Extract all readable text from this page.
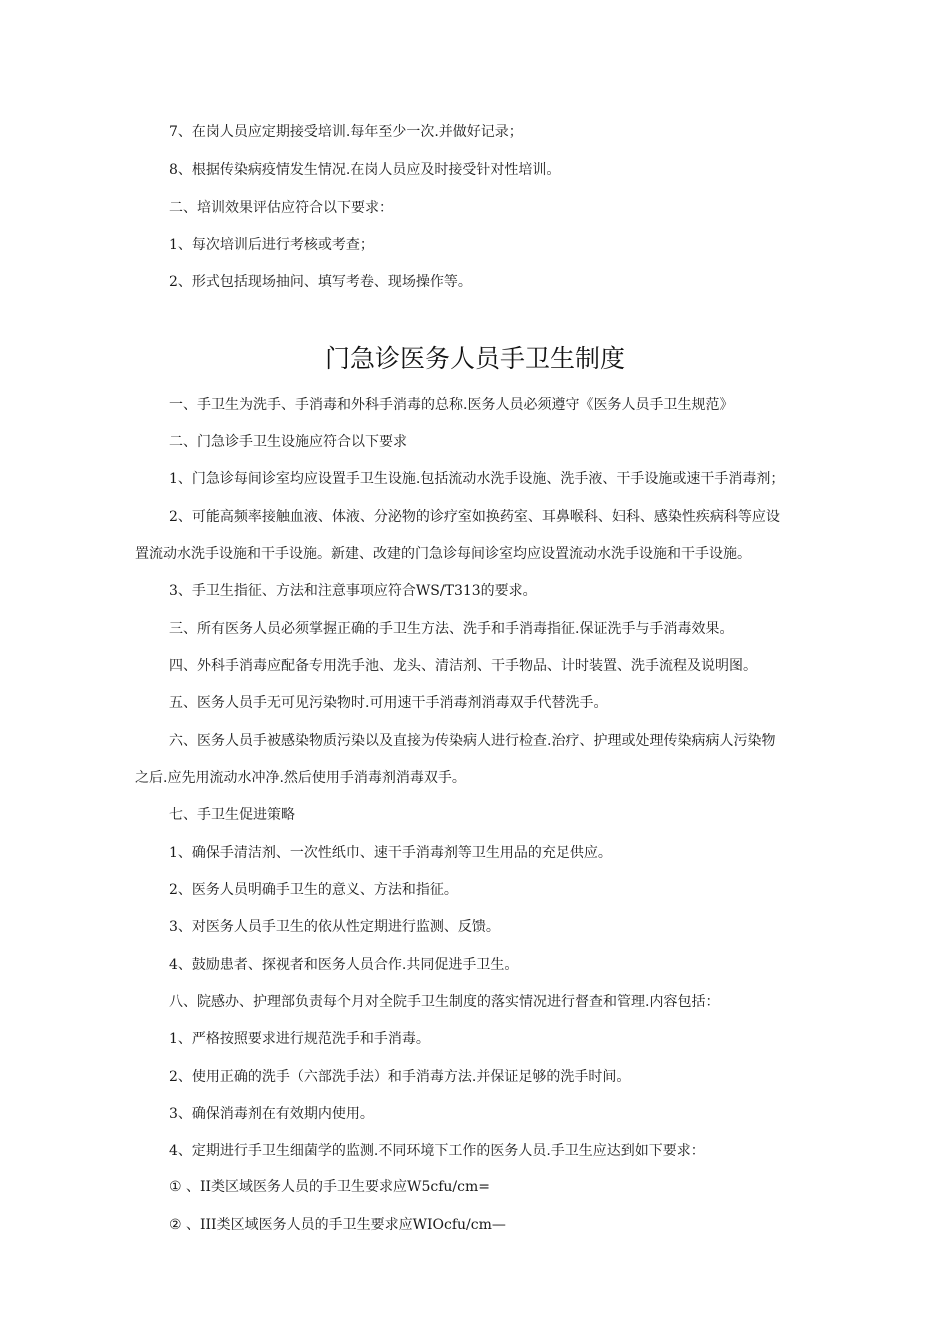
7、在岗人员应定期接受培训.每年至少一次.并做好记录；

8、根据传染病疫情发生情况.在岗人员应及时接受针对性培训。

二、培训效果评估应符合以下要求：

1、每次培训后进行考核或考查；

2、形式包括现场抽问、填写考卷、现场操作等。

门急诊医务人员手卫生制度

一、手卫生为洗手、手消毒和外科手消毒的总称.医务人员必须遵守《医务人员手卫生规范》

二、门急诊手卫生设施应符合以下要求

1、门急诊每间诊室均应设置手卫生设施.包括流动水洗手设施、洗手液、干手设施或速干手消毒剂；

2、可能高频率接触血液、体液、分泌物的诊疗室如换药室、耳鼻喉科、妇科、感染性疾病科等应设

置流动水洗手设施和干手设施。新建、改建的门急诊每间诊室均应设置流动水洗手设施和干手设施。

3、手卫生指征、方法和注意事项应符合WS/T313的要求。

三、所有医务人员必须掌握正确的手卫生方法、洗手和手消毒指征.保证洗手与手消毒效果。

四、外科手消毒应配备专用洗手池、龙头、清洁剂、干手物品、计时装置、洗手流程及说明图。

五、医务人员手无可见污染物时.可用速干手消毒剂消毒双手代替洗手。

六、医务人员手被感染物质污染以及直接为传染病人进行检查.治疗、护理或处理传染病病人污染物

之后.应先用流动水冲净.然后使用手消毒剂消毒双手。

七、手卫生促进策略

1、确保手清洁剂、一次性纸巾、速干手消毒剂等卫生用品的充足供应。

2、医务人员明确手卫生的意义、方法和指征。

3、对医务人员手卫生的依从性定期进行监测、反馈。

4、鼓励患者、探视者和医务人员合作.共同促进手卫生。

八、院感办、护理部负责每个月对全院手卫生制度的落实情况进行督查和管理.内容包括：

1、严格按照要求进行规范洗手和手消毒。

2、使用正确的洗手（六部洗手法）和手消毒方法.并保证足够的洗手时间。

3、确保消毒剂在有效期内使用。

4、定期进行手卫生细菌学的监测.不同环境下工作的医务人员.手卫生应达到如下要求：

① 、II类区域医务人员的手卫生要求应W5cfu/cm=

② 、III类区域医务人员的手卫生要求应WIOcfu/cm—
